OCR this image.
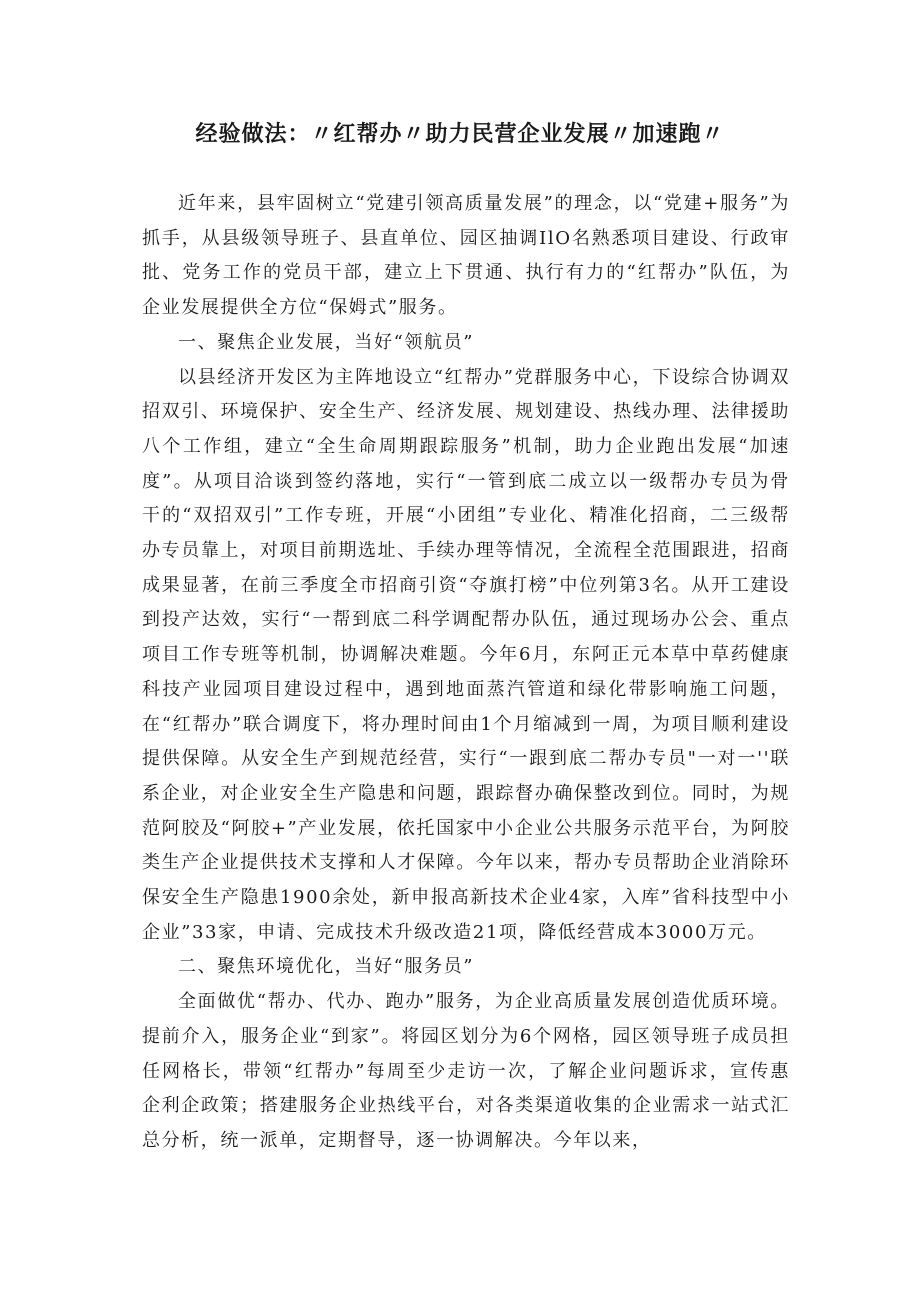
经验做法：〃红帮办〃助力民营企业发展〃加速跑〃

近年来，县牢固树立“党建引领高质量发展”的理念，以“党建+服务”为抓手，从县级领导班子、县直单位、园区抽调IlO名熟悉项目建设、行政审批、党务工作的党员干部，建立上下贯通、执行有力的“红帮办”队伍，为企业发展提供全方位“保姆式”服务。

一、聚焦企业发展，当好“领航员”

以县经济开发区为主阵地设立“红帮办”党群服务中心，下设综合协调双招双引、环境保护、安全生产、经济发展、规划建设、热线办理、法律援助八个工作组，建立“全生命周期跟踪服务”机制，助力企业跑出发展“加速度”。从项目洽谈到签约落地，实行“一管到底二成立以一级帮办专员为骨干的“双招双引”工作专班，开展“小团组”专业化、精准化招商，二三级帮办专员靠上，对项目前期选址、手续办理等情况，全流程全范围跟进，招商成果显著，在前三季度全市招商引资“夺旗打榜”中位列第3名。从开工建设到投产达效，实行“一帮到底二科学调配帮办队伍，通过现场办公会、重点项目工作专班等机制，协调解决难题。今年6月，东阿正元本草中草药健康科技产业园项目建设过程中，遇到地面蒸汽管道和绿化带影响施工问题，在“红帮办”联合调度下，将办理时间由1个月缩减到一周，为项目顺利建设提供保障。从安全生产到规范经营，实行“一跟到底二帮办专员"一对一''联系企业，对企业安全生产隐患和问题，跟踪督办确保整改到位。同时，为规范阿胶及“阿胶+”产业发展，依托国家中小企业公共服务示范平台，为阿胶类生产企业提供技术支撑和人才保障。今年以来，帮办专员帮助企业消除环保安全生产隐患1900余处，新申报高新技术企业4家，入库”省科技型中小企业”33家，申请、完成技术升级改造21项，降低经营成本3000万元。

二、聚焦环境优化，当好“服务员”

全面做优“帮办、代办、跑办”服务，为企业高质量发展创造优质环境。提前介入，服务企业“到家”。将园区划分为6个网格，园区领导班子成员担任网格长，带领“红帮办”每周至少走访一次，了解企业问题诉求，宣传惠企利企政策；搭建服务企业热线平台，对各类渠道收集的企业需求一站式汇总分析，统一派单，定期督导，逐一协调解决。今年以来，
